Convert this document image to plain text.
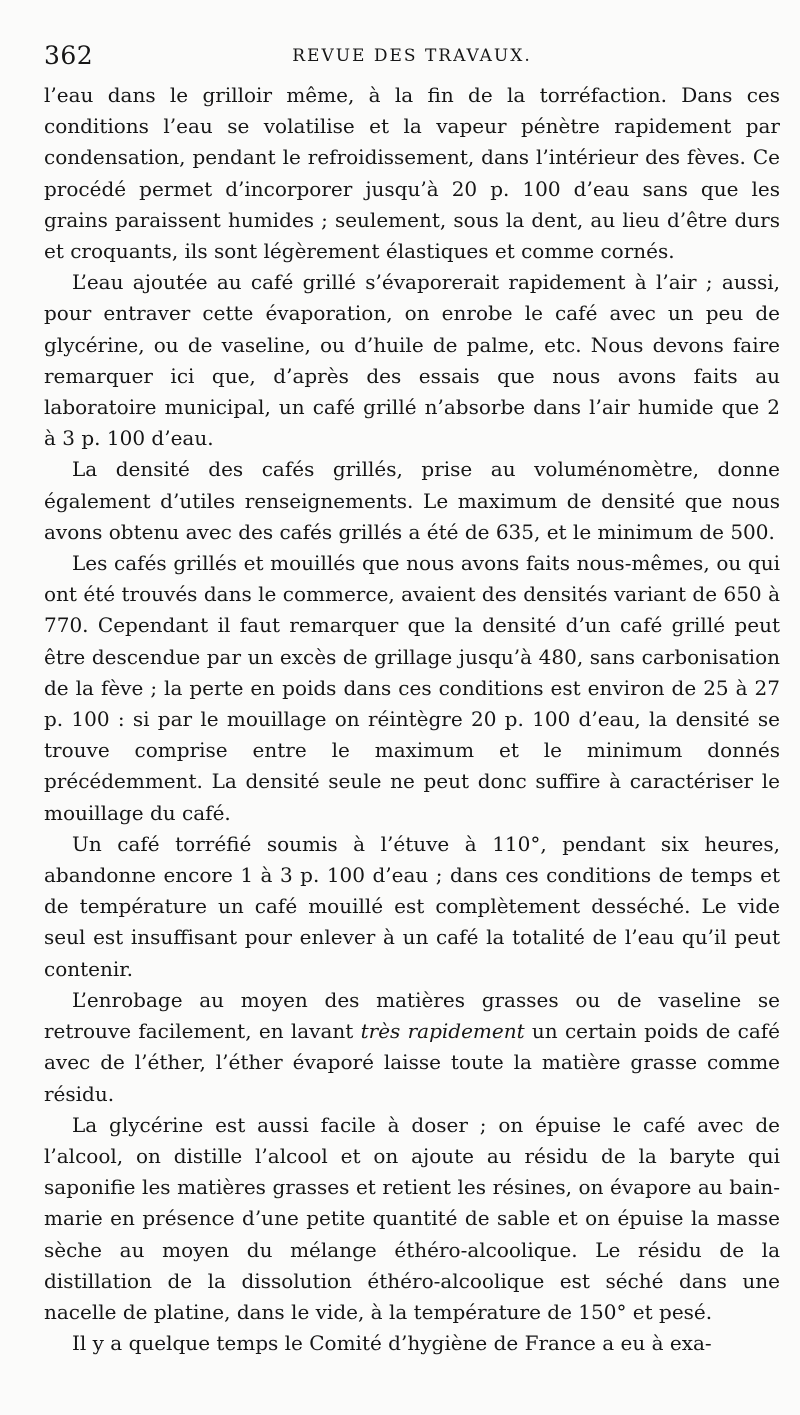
362	REVUE DES TRAVAUX.

l’eau dans le grilloir même, à la fin de la torréfaction. Dans ces conditions l’eau se volatilise et la vapeur pénètre rapidement par condensation, pendant le refroidissement, dans l’intérieur des fèves. Ce procédé permet d’incorporer jusqu’à 20 p. 100 d’eau sans que les grains paraissent humides ; seulement, sous la dent, au lieu d’être durs et croquants, ils sont légèrement élastiques et comme cornés.

L’eau ajoutée au café grillé s’évaporerait rapidement à l’air ; aussi, pour entraver cette évaporation, on enrobe le café avec un peu de glycérine, ou de vaseline, ou d’huile de palme, etc. Nous devons faire remarquer ici que, d’après des essais que nous avons faits au laboratoire municipal, un café grillé n’absorbe dans l’air humide que 2 à 3 p. 100 d’eau.

La densité des cafés grillés, prise au voluménomètre, donne également d’utiles renseignements. Le maximum de densité que nous avons obtenu avec des cafés grillés a été de 635, et le minimum de 500.

Les cafés grillés et mouillés que nous avons faits nous-mêmes, ou qui ont été trouvés dans le commerce, avaient des densités variant de 650 à 770. Cependant il faut remarquer que la densité d’un café grillé peut être descendue par un excès de grillage jusqu’à 480, sans carbonisation de la fève ; la perte en poids dans ces conditions est environ de 25 à 27 p. 100 : si par le mouillage on réintègre 20 p. 100 d’eau, la densité se trouve comprise entre le maximum et le minimum donnés précédemment. La densité seule ne peut donc suffire à caractériser le mouillage du café.

Un café torréfié soumis à l’étuve à 110°, pendant six heures, abandonne encore 1 à 3 p. 100 d’eau ; dans ces conditions de temps et de température un café mouillé est complètement desséché. Le vide seul est insuffisant pour enlever à un café la totalité de l’eau qu’il peut contenir.

L’enrobage au moyen des matières grasses ou de vaseline se retrouve facilement, en lavant très rapidement un certain poids de café avec de l’éther, l’éther évaporé laisse toute la matière grasse comme résidu.

La glycérine est aussi facile à doser ; on épuise le café avec de l’alcool, on distille l’alcool et on ajoute au résidu de la baryte qui saponifie les matières grasses et retient les résines, on évapore au bain-marie en présence d’une petite quantité de sable et on épuise la masse sèche au moyen du mélange éthéro-alcoolique. Le résidu de la distillation de la dissolution éthéro-alcoolique est séché dans une nacelle de platine, dans le vide, à la température de 150° et pesé.

Il y a quelque temps le Comité d’hygiène de France a eu à exa-
